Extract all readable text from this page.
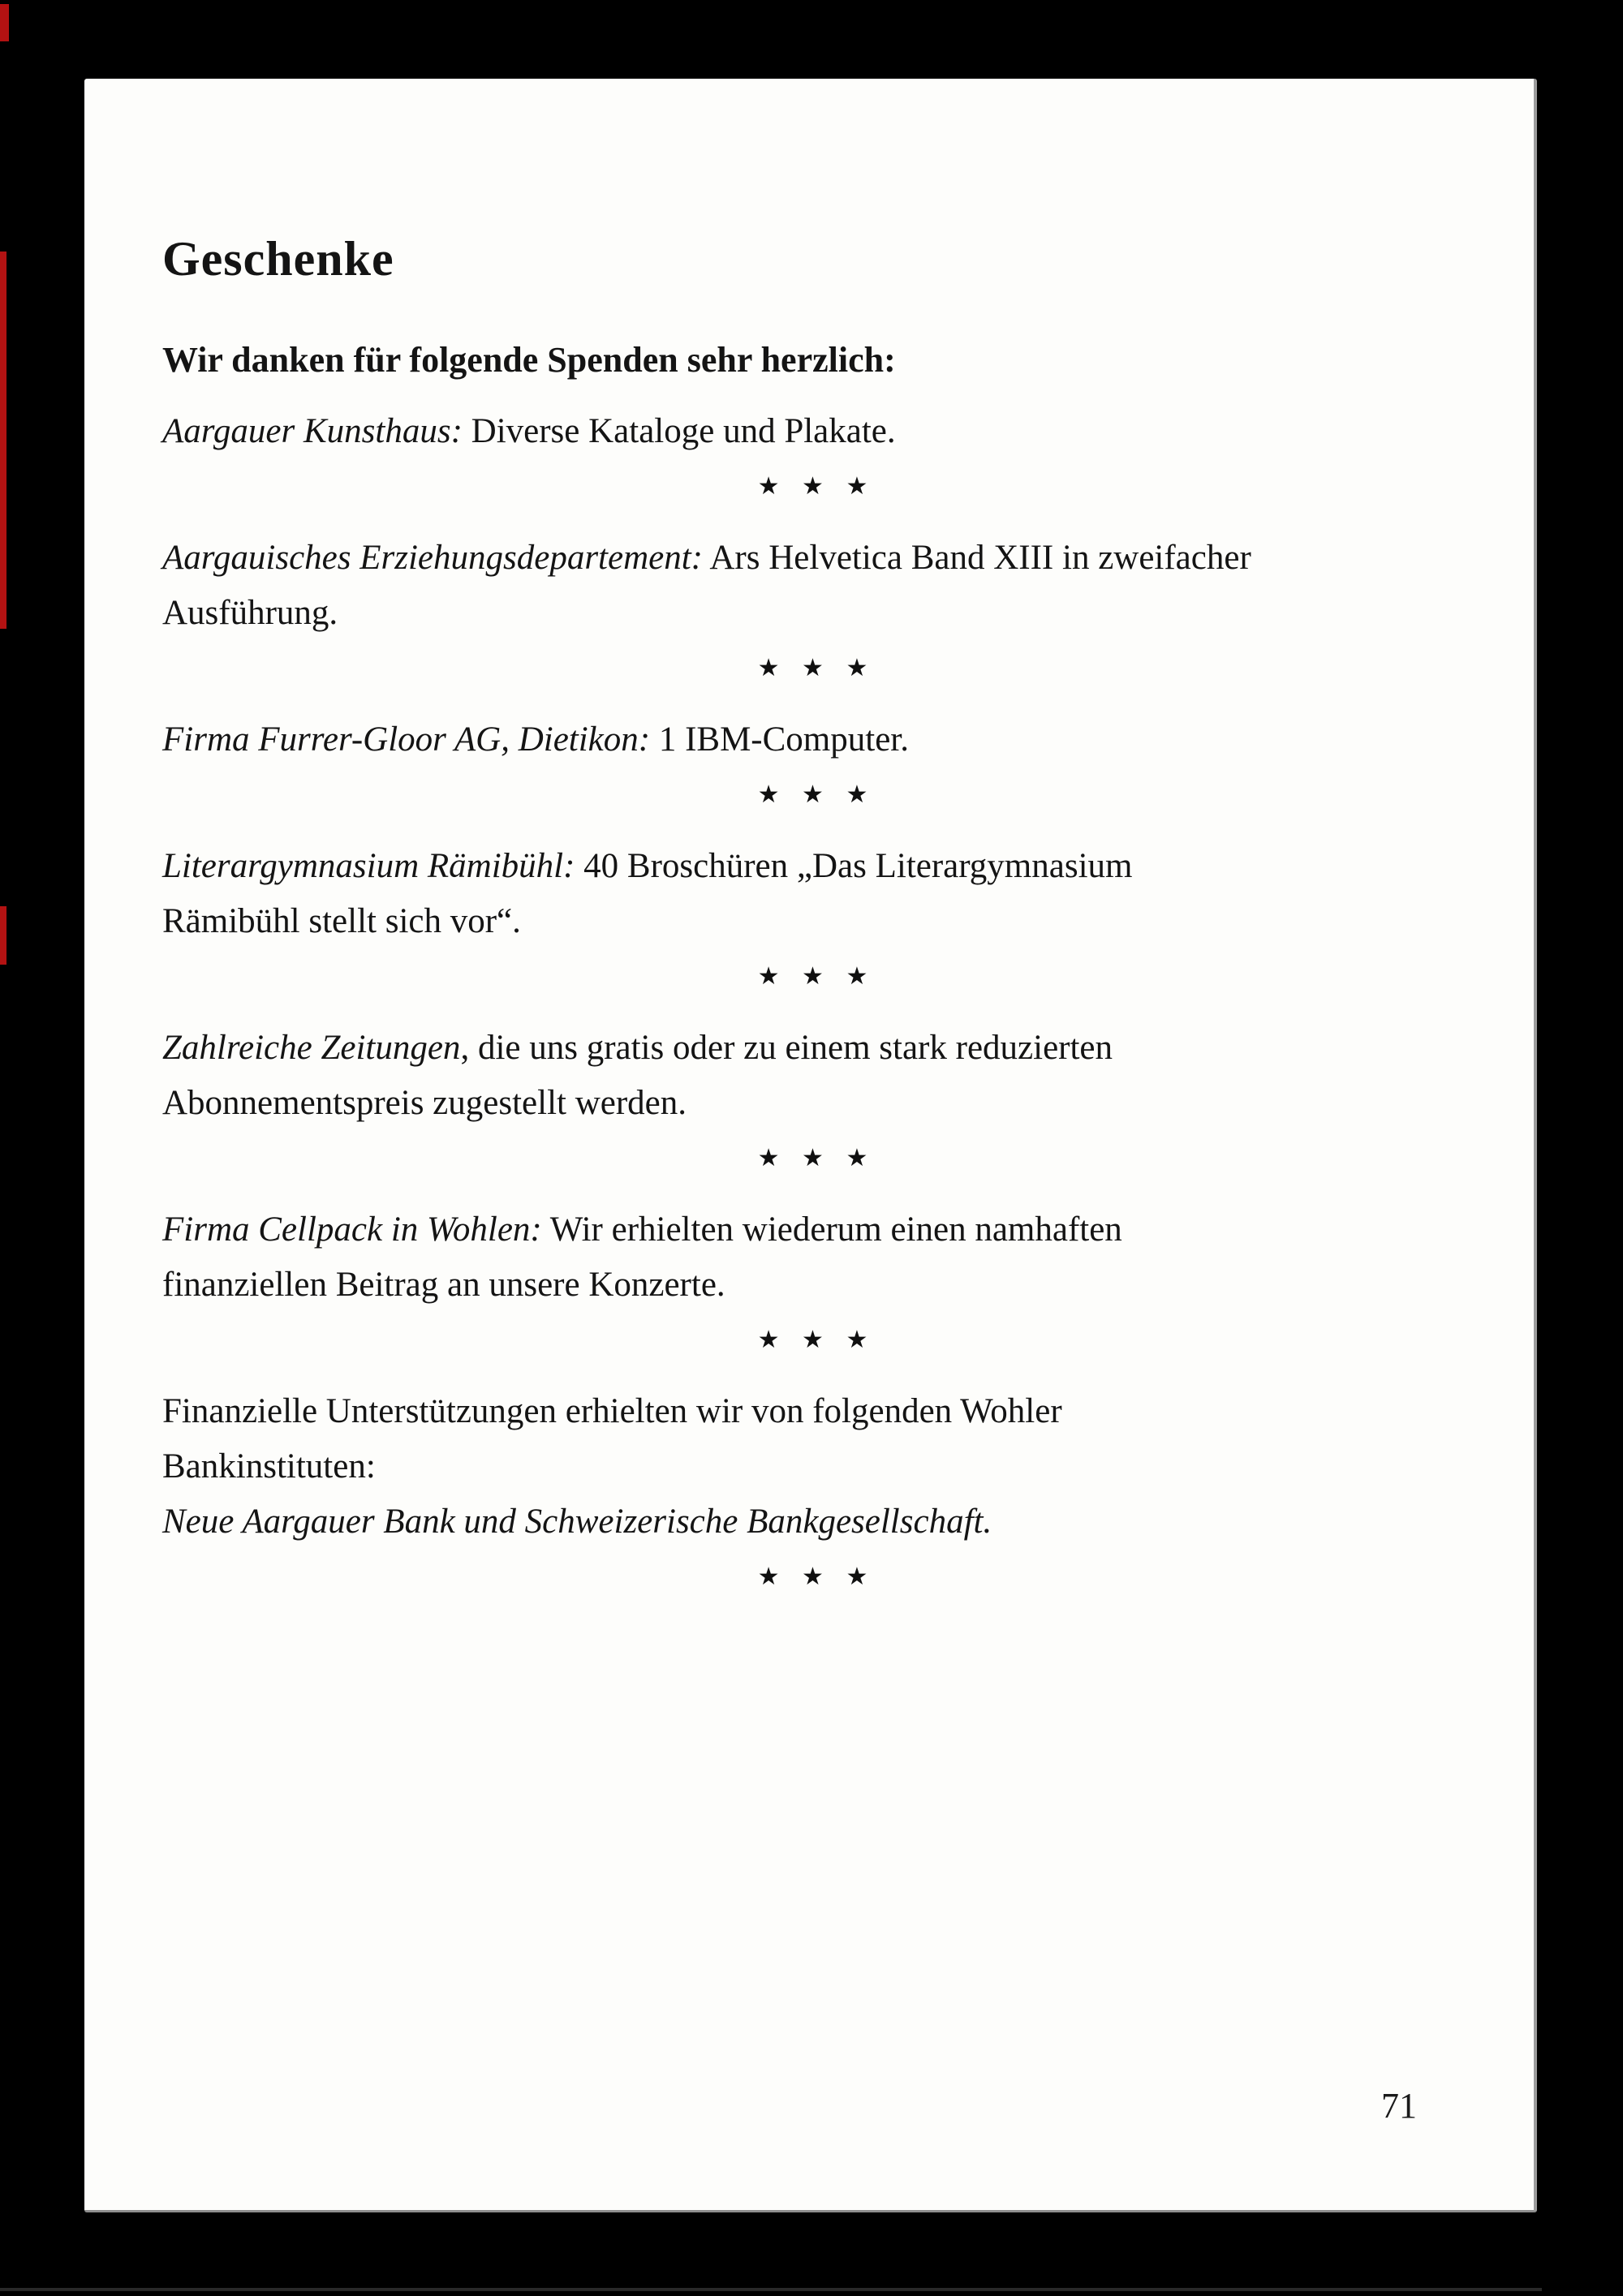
Geschenke
Wir danken für folgende Spenden sehr herzlich:
Aargauer Kunsthaus: Diverse Kataloge und Plakate.
★ ★ ★
Aargauisches Erziehungsdepartement: Ars Helvetica Band XIII in zweifacher
Ausführung.
★ ★ ★
Firma Furrer-Gloor AG, Dietikon: 1 IBM-Computer.
★ ★ ★
Literargymnasium Rämibühl: 40 Broschüren „Das Literargymnasium
Rämibühl stellt sich vor“.
★ ★ ★
Zahlreiche Zeitungen, die uns gratis oder zu einem stark reduzierten
Abonnementspreis zugestellt werden.
★ ★ ★
Firma Cellpack in Wohlen: Wir erhielten wiederum einen namhaften
finanziellen Beitrag an unsere Konzerte.
★ ★ ★
Finanzielle Unterstützungen erhielten wir von folgenden Wohler
Bankinstituten:
Neue Aargauer Bank und Schweizerische Bankgesellschaft.
★ ★ ★
71
